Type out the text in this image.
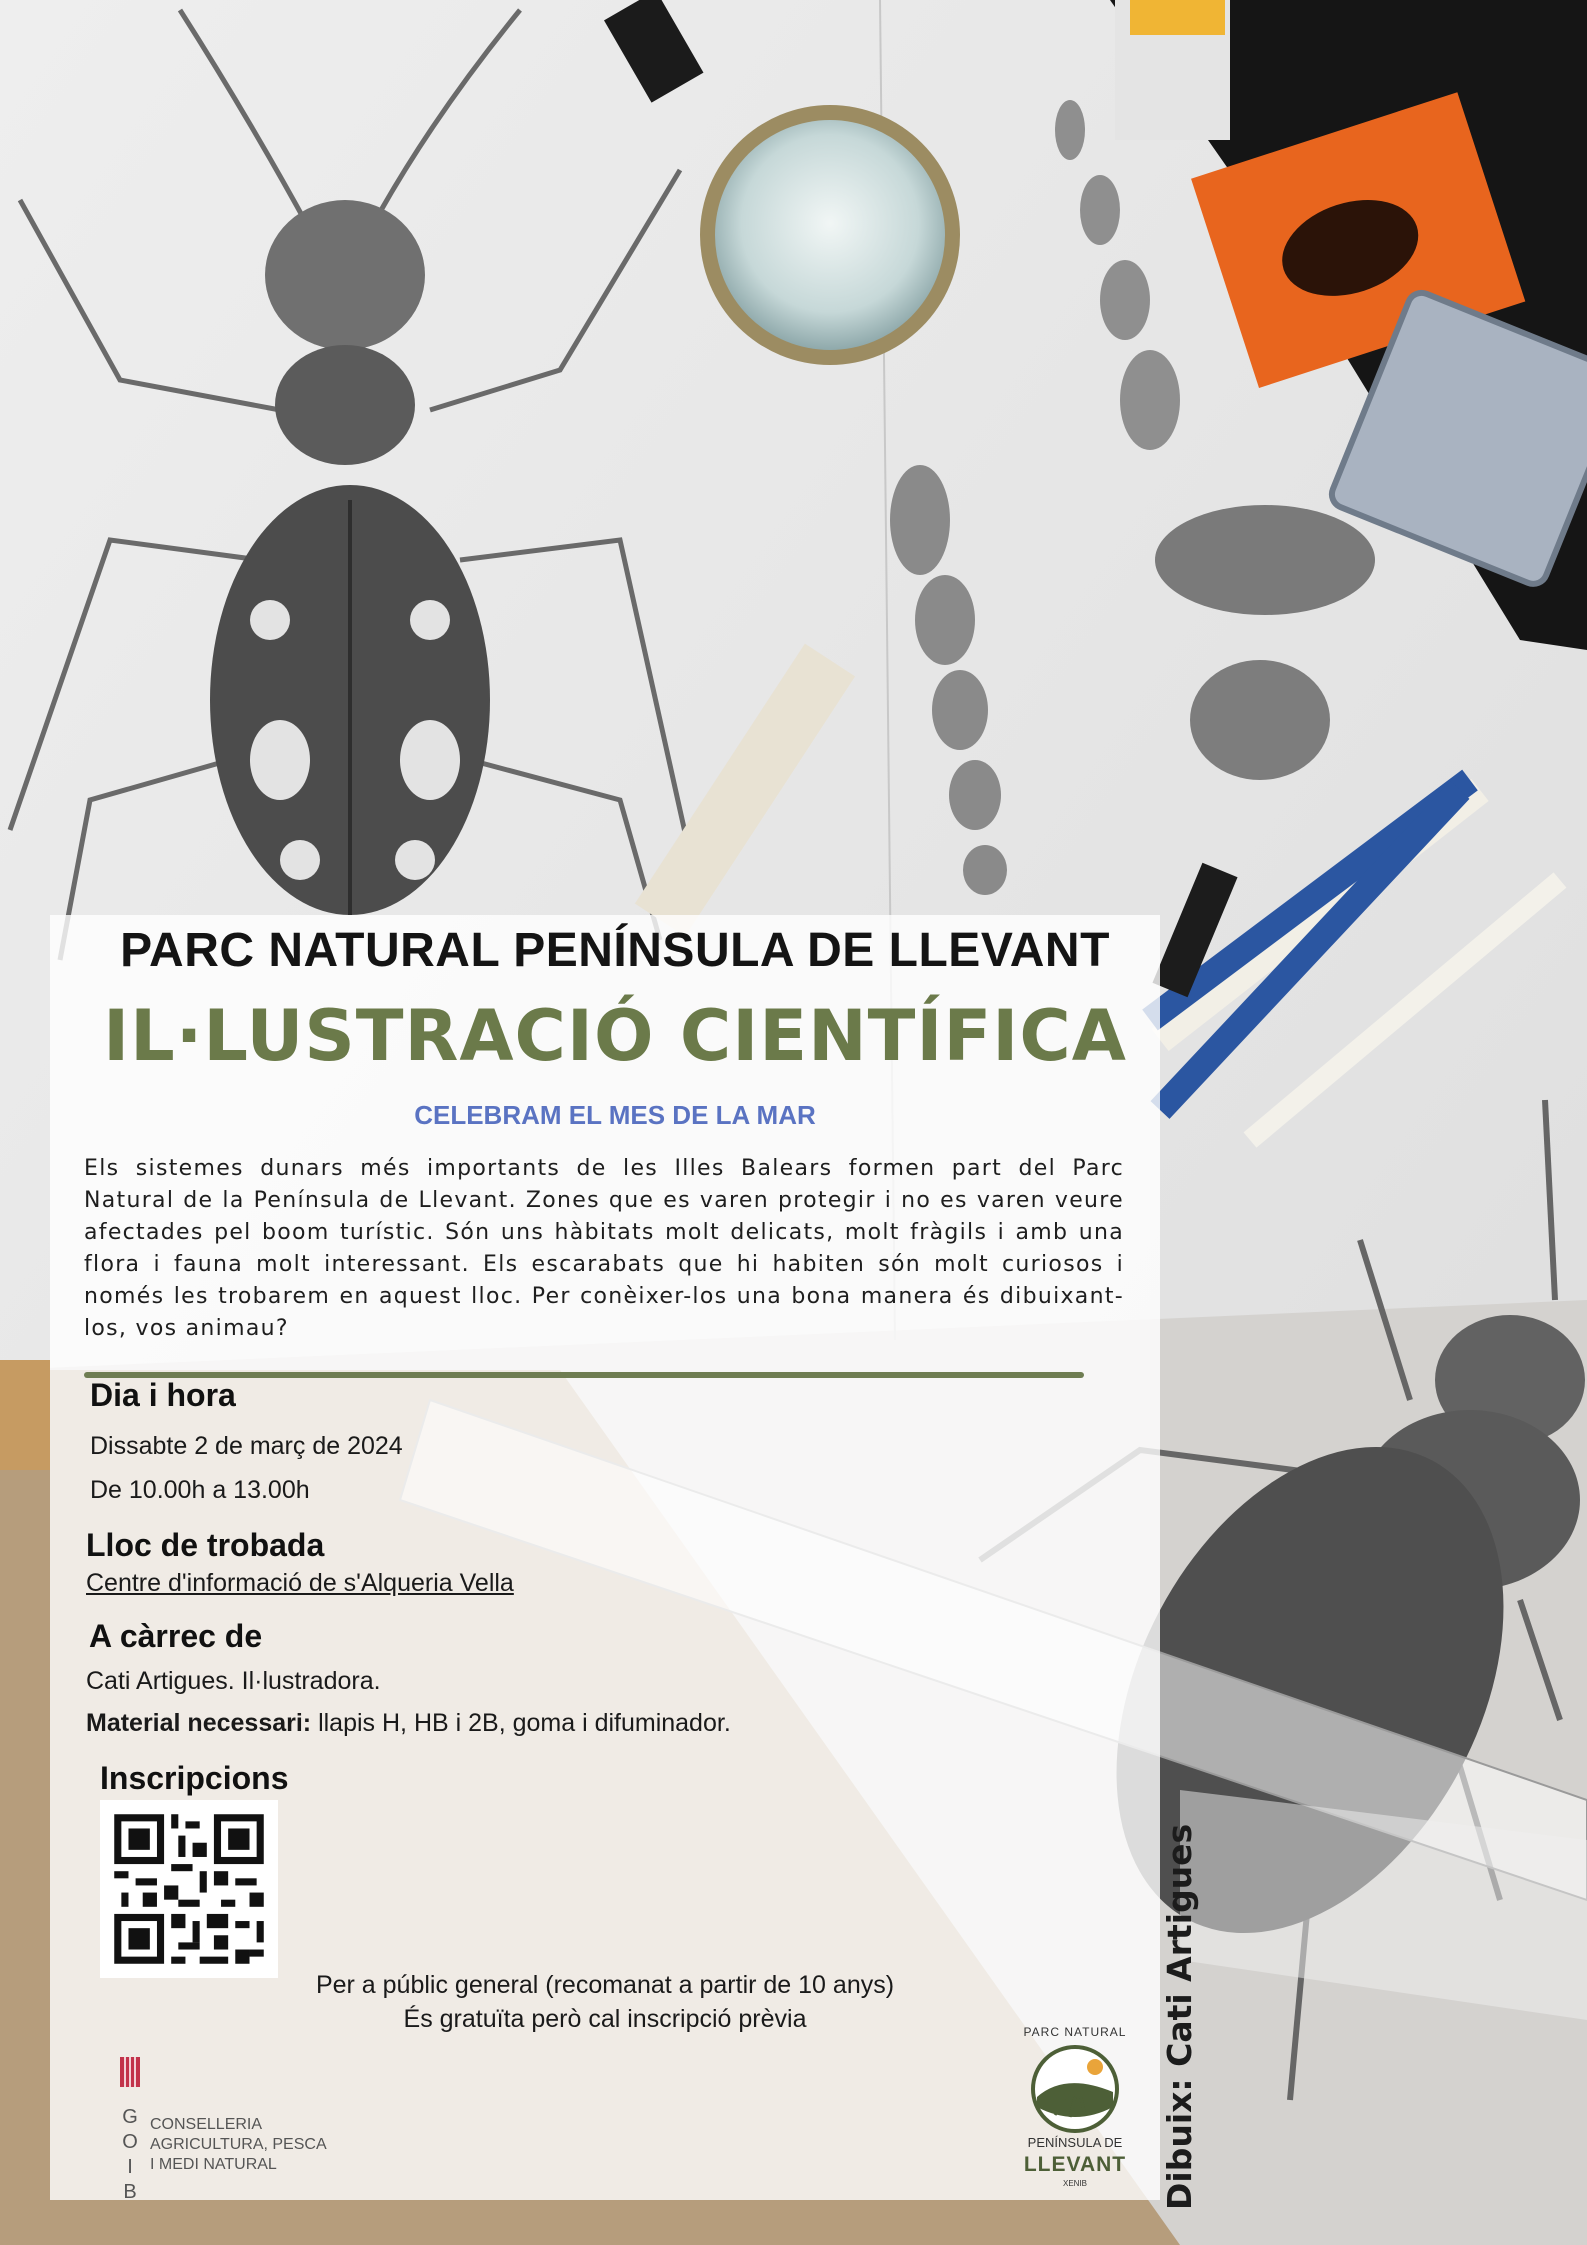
Dibuix: Cati Artigues
PARC NATURAL PENÍNSULA DE LLEVANT
IL·LUSTRACIÓ CIENTÍFICA
CELEBRAM EL MES DE LA MAR
Els sistemes dunars més importants de les Illes Balears formen part del Parc Natural de la Península de Llevant. Zones que es varen protegir i no es varen veure afectades pel boom turístic. Són uns hàbitats molt delicats, molt fràgils i amb una flora i fauna molt interessant. Els escarabats que hi habiten són molt curiosos i només les trobarem en aquest lloc. Per conèixer-los una bona manera és dibuixant-los, vos animau?
Dia i hora
Dissabte 2 de març de 2024
De 10.00h a 13.00h
Lloc de trobada
Centre d'informació de s'Alqueria Vella
A càrrec de
Cati Artigues. Il·lustradora.
Material necessari: llapis H, HB i 2B, goma i difuminador.
Inscripcions
Per a públic general (recomanat a partir de 10 anys)
És gratuïta però cal inscripció prèvia
G
O
I
B
CONSELLERIA
AGRICULTURA, PESCA
I MEDI NATURAL
PARC NATURAL
PENÍNSULA DE
LLEVANT
XENIB
